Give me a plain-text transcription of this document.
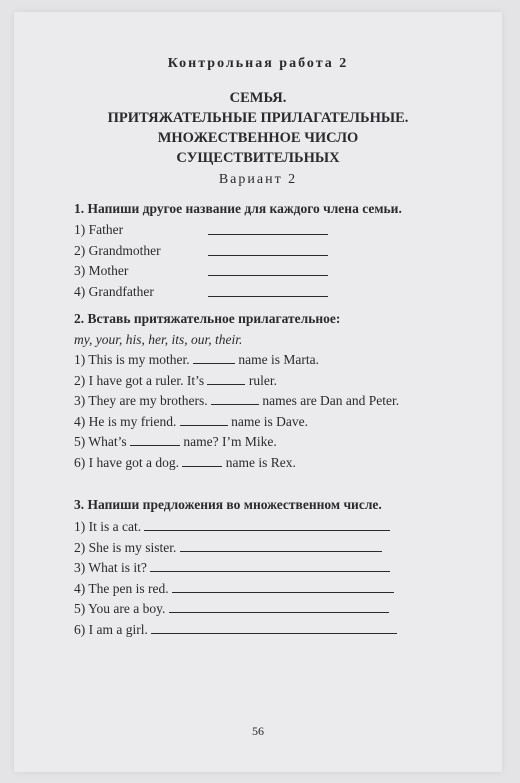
Контрольная работа 2
СЕМЬЯ.
ПРИТЯЖАТЕЛЬНЫЕ ПРИЛАГАТЕЛЬНЫЕ.
МНОЖЕСТВЕННОЕ ЧИСЛО
СУЩЕСТВИТЕЛЬНЫХ
Вариант 2
1. Напиши другое название для каждого члена семьи.
1) Father
2) Grandmother
3) Mother
4) Grandfather
2. Вставь притяжательное прилагательное:
my, your, his, her, its, our, their.
1) This is my mother.	name is Marta.
2) I have got a ruler. It’s	ruler.
3) They are my brothers.	names are Dan and Peter.
4) He is my friend.	name is Dave.
5) What’s	name? I’m Mike.
6) I have got a dog.	name is Rex.
3. Напиши предложения во множественном числе.
1) It is a cat.
2) She is my sister.
3) What is it?
4) The pen is red.
5) You are a boy.
6) I am a girl.
56
